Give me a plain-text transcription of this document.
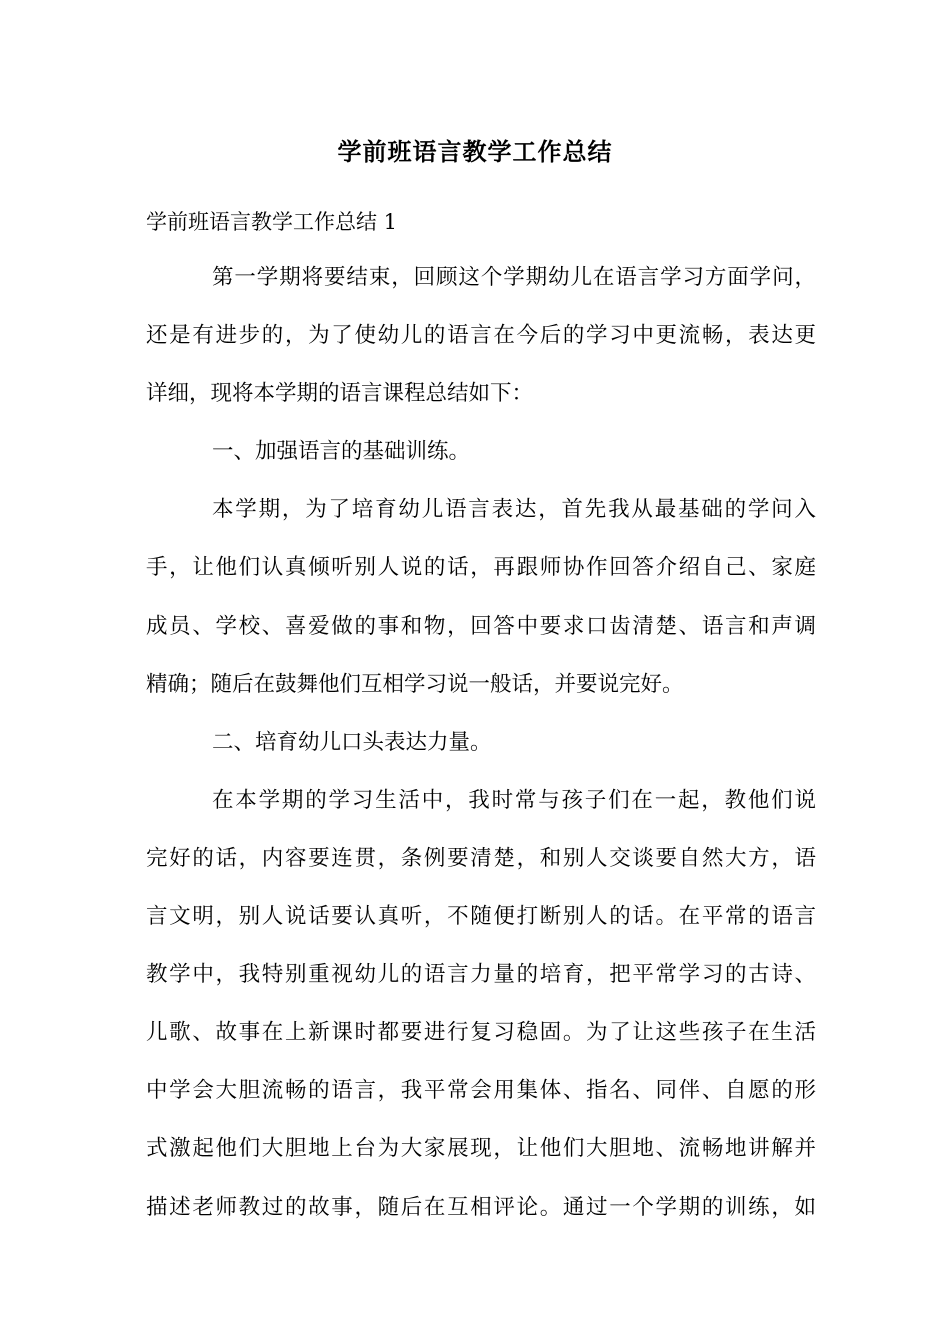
学前班语言教学工作总结

学前班语言教学工作总结 1

第一学期将要结束，回顾这个学期幼儿在语言学习方面学问，
还是有进步的，为了使幼儿的语言在今后的学习中更流畅，表达更
详细，现将本学期的语言课程总结如下：
一、加强语言的基础训练。
本学期，为了培育幼儿语言表达，首先我从最基础的学问入
手，让他们认真倾听别人说的话，再跟师协作回答介绍自己、家庭
成员、学校、喜爱做的事和物，回答中要求口齿清楚、语言和声调
精确；随后在鼓舞他们互相学习说一般话，并要说完好。
二、培育幼儿口头表达力量。
在本学期的学习生活中，我时常与孩子们在一起，教他们说
完好的话，内容要连贯，条例要清楚，和别人交谈要自然大方，语
言文明，别人说话要认真听，不随便打断别人的话。在平常的语言
教学中，我特别重视幼儿的语言力量的培育，把平常学习的古诗、
儿歌、故事在上新课时都要进行复习稳固。为了让这些孩子在生活
中学会大胆流畅的语言，我平常会用集体、指名、同伴、自愿的形
式激起他们大胆地上台为大家展现，让他们大胆地、流畅地讲解并
描述老师教过的故事，随后在互相评论。通过一个学期的训练，如
